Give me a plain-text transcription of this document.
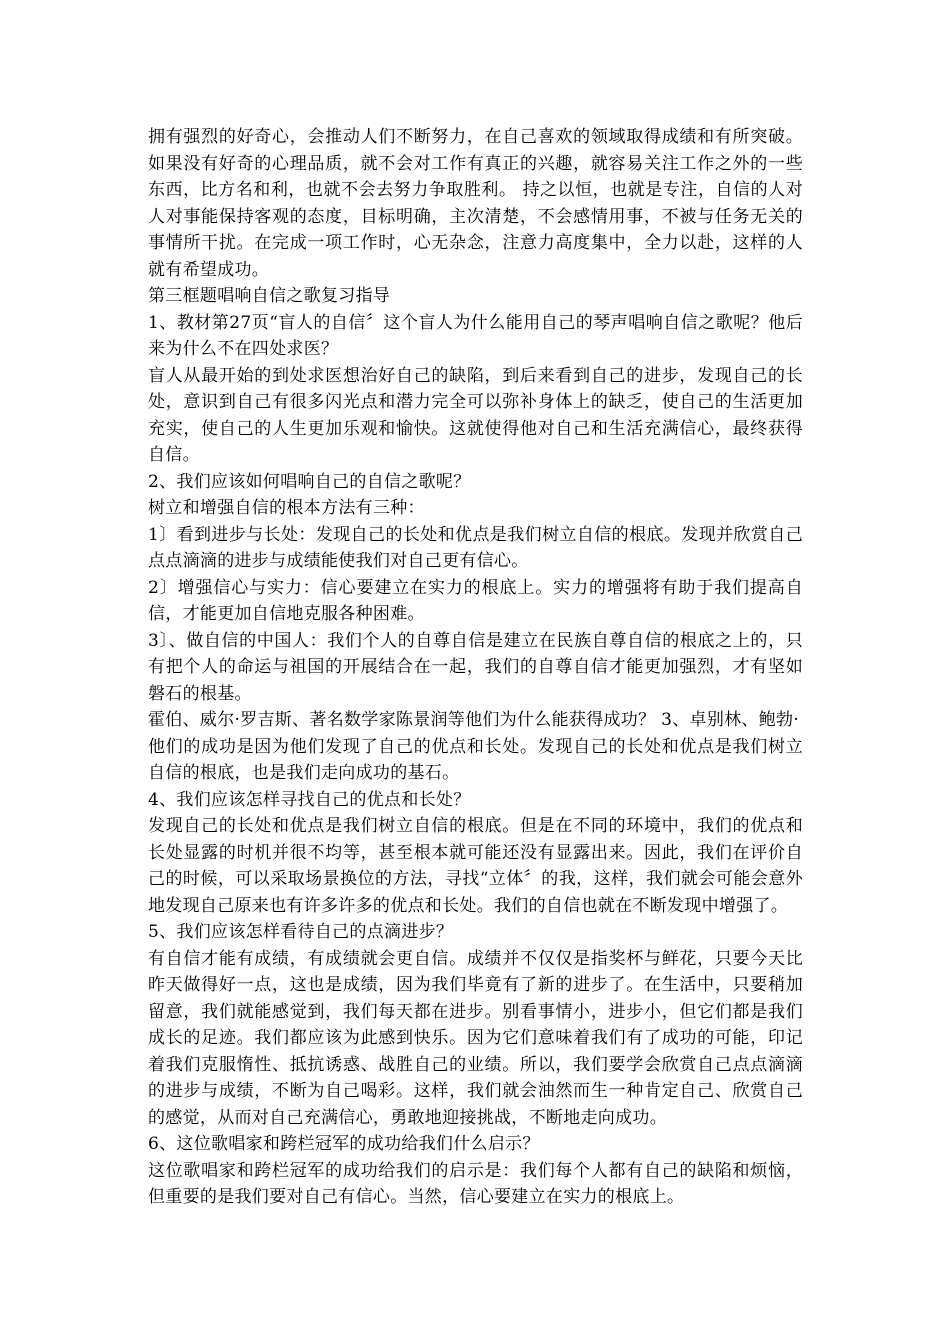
拥有强烈的好奇心，会推动人们不断努力，在自己喜欢的领域取得成绩和有所突破。如果没有好奇的心理品质，就不会对工作有真正的兴趣，就容易关注工作之外的一些东西，比方名和利，也就不会去努力争取胜利。 持之以恒，也就是专注，自信的人对人对事能保持客观的态度，目标明确，主次清楚，不会感情用事，不被与任务无关的事情所干扰。在完成一项工作时，心无杂念，注意力高度集中，全力以赴，这样的人就有希望成功。

第三框题唱响自信之歌复习指导

1、教材第27页“盲人的自信〞这个盲人为什么能用自己的琴声唱响自信之歌呢？他后来为什么不在四处求医？

盲人从最开始的到处求医想治好自己的缺陷，到后来看到自己的进步，发现自己的长处，意识到自己有很多闪光点和潜力完全可以弥补身体上的缺乏，使自己的生活更加充实，使自己的人生更加乐观和愉快。这就使得他对自己和生活充满信心，最终获得自信。

2、我们应该如何唱响自己的自信之歌呢？

树立和增强自信的根本方法有三种：

1〕看到进步与长处：发现自己的长处和优点是我们树立自信的根底。发现并欣赏自己点点滴滴的进步与成绩能使我们对自己更有信心。

2〕增强信心与实力：信心要建立在实力的根底上。实力的增强将有助于我们提高自信，才能更加自信地克服各种困难。

3〕、做自信的中国人：我们个人的自尊自信是建立在民族自尊自信的根底之上的，只有把个人的命运与祖国的开展结合在一起，我们的自尊自信才能更加强烈，才有坚如磐石的根基。

霍伯、威尔·罗吉斯、著名数学家陈景润等他们为什么能获得成功？ 3、卓别林、鲍勃·

他们的成功是因为他们发现了自己的优点和长处。发现自己的长处和优点是我们树立自信的根底，也是我们走向成功的基石。

4、我们应该怎样寻找自己的优点和长处？

发现自己的长处和优点是我们树立自信的根底。但是在不同的环境中，我们的优点和长处显露的时机并很不均等，甚至根本就可能还没有显露出来。因此，我们在评价自己的时候，可以采取场景换位的方法，寻找“立体〞的我，这样，我们就会可能会意外地发现自己原来也有许多许多的优点和长处。我们的自信也就在不断发现中增强了。

5、我们应该怎样看待自己的点滴进步？

有自信才能有成绩，有成绩就会更自信。成绩并不仅仅是指奖杯与鲜花，只要今天比昨天做得好一点，这也是成绩，因为我们毕竟有了新的进步了。在生活中，只要稍加留意，我们就能感觉到，我们每天都在进步。别看事情小，进步小，但它们都是我们成长的足迹。我们都应该为此感到快乐。因为它们意味着我们有了成功的可能，印记着我们克服惰性、抵抗诱惑、战胜自己的业绩。所以，我们要学会欣赏自己点点滴滴的进步与成绩，不断为自己喝彩。这样，我们就会油然而生一种肯定自己、欣赏自己的感觉，从而对自己充满信心，勇敢地迎接挑战，不断地走向成功。

6、这位歌唱家和跨栏冠军的成功给我们什么启示？

这位歌唱家和跨栏冠军的成功给我们的启示是：我们每个人都有自己的缺陷和烦恼，但重要的是我们要对自己有信心。当然，信心要建立在实力的根底上。
